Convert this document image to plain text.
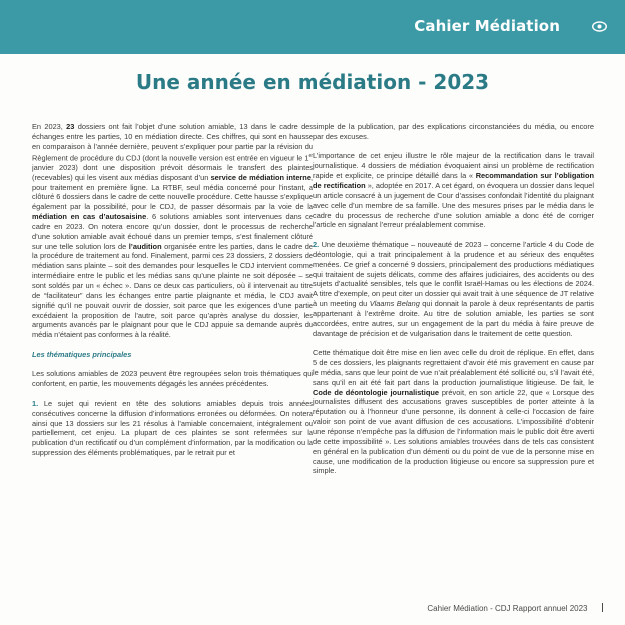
Cahier Médiation
Une année en médiation - 2023

En 2023, 23 dossiers ont fait l’objet d’une solution amiable, 13 dans le cadre des échanges entre les parties, 10 en médiation directe. Ces chiffres, qui sont en hausse en comparaison à l’année dernière, peuvent s’expliquer pour partie par la révision du Règlement de procédure du CDJ (dont la nouvelle version est entrée en vigueur le 1er janvier 2023) dont une disposition prévoit désormais le transfert des plaintes (recevables) qui les visent aux médias disposant d’un service de médiation interne, pour traitement en première ligne. La RTBF, seul média concerné pour l’instant, a clôturé 6 dossiers dans le cadre de cette nouvelle procédure. Cette hausse s’explique également par la possibilité, pour le CDJ, de passer désormais par la voie de la médiation en cas d’autosaisine. 6 solutions amiables sont intervenues dans ce cadre en 2023. On notera encore qu’un dossier, dont le processus de recherche d’une solution amiable avait échoué dans un premier temps, s’est finalement clôturé sur une telle solution lors de l’audition organisée entre les parties, dans le cadre de la procédure de traitement au fond. Finalement, parmi ces 23 dossiers, 2 dossiers de médiation sans plainte – soit des demandes pour lesquelles le CDJ intervient comme intermédiaire entre le public et les médias sans qu’une plainte ne soit déposée – se sont soldés par un « échec ». Dans ce deux cas particuliers, où il intervenait au titre de “facilitateur” dans les échanges entre partie plaignante et média, le CDJ avait signifié qu’il ne pouvait ouvrir de dossier, soit parce que les exigences d’une partie excédaient la proposition de l’autre, soit parce qu’après analyse du dossier, les arguments avancés par le plaignant pour que le CDJ appuie sa demande auprès du média n’étaient pas conformes à la réalité.

Les thématiques principales

Les solutions amiables de 2023 peuvent être regroupées selon trois thématiques qui confortent, en partie, les mouvements dégagés les années précédentes.

1. Le sujet qui revient en tête des solutions amiables depuis trois années consécutives concerne la diffusion d’informations erronées ou déformées. On notera ainsi que 13 dossiers sur les 21 résolus à l’amiable concernaient, intégralement ou partiellement, cet enjeu. La plupart de ces plaintes se sont refermées sur la publication d’un rectificatif ou d’un complément d’information, par la modification ou la suppression des éléments problématiques, par le retrait pur et

simple de la publication, par des explications circonstanciées du média, ou encore par des excuses.

L’importance de cet enjeu illustre le rôle majeur de la rectification dans le travail journalistique. 4 dossiers de médiation évoquaient ainsi un problème de rectification rapide et explicite, ce principe détaillé dans la « Recommandation sur l’obligation de rectification », adoptée en 2017. A cet égard, on évoquera un dossier dans lequel un article consacré à un jugement de Cour d’assises confondait l’identité du plaignant avec celle d’un membre de sa famille. Une des mesures prises par le média dans le cadre du processus de recherche d’une solution amiable a donc été de corriger l’article en signalant l’erreur préalablement commise.

2. Une deuxième thématique – nouveauté de 2023 – concerne l’article 4 du Code de déontologie, qui a trait principalement à la prudence et au sérieux des enquêtes menées. Ce grief a concerné 9 dossiers, principalement des productions médiatiques qui traitaient de sujets délicats, comme des affaires judiciaires, des accidents ou des sujets d’actualité sensibles, tels que le conflit Israël-Hamas ou les élections de 2024. A titre d’exemple, on peut citer un dossier qui avait trait à une séquence de JT relative à un meeting du Vlaams Belang qui donnait la parole à deux représentants de partis appartenant à l’extrême droite. Au titre de solution amiable, les parties se sont accordées, entre autres, sur un engagement de la part du média à faire preuve de davantage de précision et de vulgarisation dans le traitement de cette question.

Cette thématique doit être mise en lien avec celle du droit de réplique. En effet, dans 5 de ces dossiers, les plaignants regrettaient d’avoir été mis gravement en cause par le média, sans que leur point de vue n’ait préalablement été sollicité ou, s’il l’avait été, sans qu’il en ait été fait part dans la production journalistique litigieuse. De fait, le Code de déontologie journalistique prévoit, en son article 22, que « Lorsque des journalistes diffusent des accusations graves susceptibles de porter atteinte à la réputation ou à l’honneur d’une personne, ils donnent à celle-ci l’occasion de faire valoir son point de vue avant diffusion de ces accusations. L’impossibilité d’obtenir une réponse n’empêche pas la diffusion de l’information mais le public doit être averti de cette impossibilité ». Les solutions amiables trouvées dans de tels cas consistent en général en la publication d’un démenti ou du point de vue de la personne mise en cause, une modification de la production litigieuse ou encore sa suppression pure et simple.

Cahier Médiation - CDJ Rapport annuel 2023
